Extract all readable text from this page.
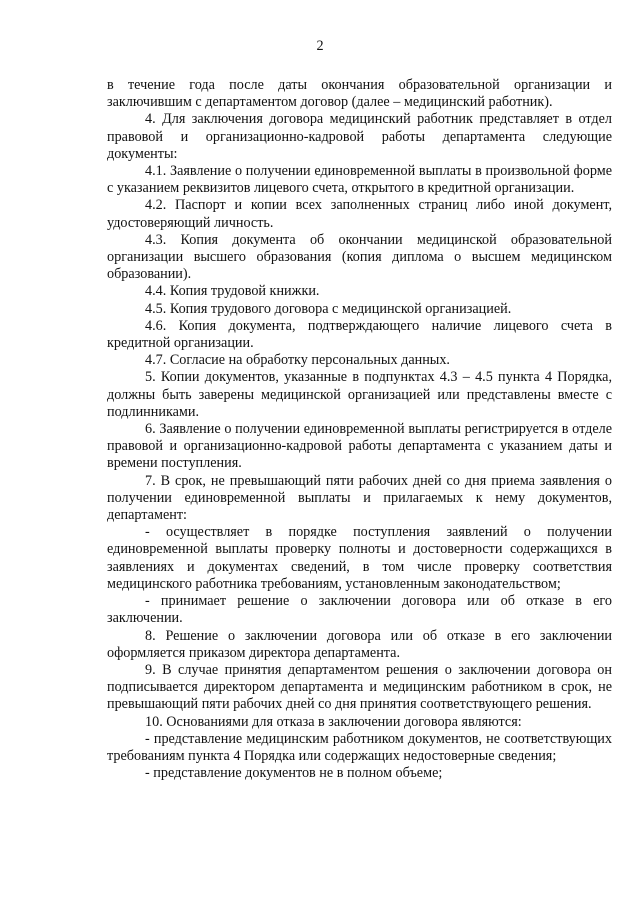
2

в течение года после даты окончания образовательной организации и заключившим с департаментом договор (далее – медицинский работник).

4. Для заключения договора медицинский работник представляет в отдел правовой и организационно-кадровой работы департамента следующие документы:

4.1. Заявление о получении единовременной выплаты в произвольной форме с указанием реквизитов лицевого счета, открытого в кредитной организации.

4.2. Паспорт и копии всех заполненных страниц либо иной документ, удостоверяющий личность.

4.3. Копия документа об окончании медицинской образовательной организации высшего образования (копия диплома о высшем медицинском образовании).

4.4. Копия трудовой книжки.

4.5. Копия трудового договора с медицинской организацией.

4.6. Копия документа, подтверждающего наличие лицевого счета в кредитной организации.

4.7. Согласие на обработку персональных данных.

5. Копии документов, указанные в подпунктах 4.3 – 4.5 пункта 4 Порядка, должны быть заверены медицинской организацией или представлены вместе с подлинниками.

6. Заявление о получении единовременной выплаты регистрируется в отделе правовой и организационно-кадровой работы департамента с указанием даты и времени поступления.

7. В срок, не превышающий пяти рабочих дней со дня приема заявления о получении единовременной выплаты и прилагаемых к нему документов, департамент:

- осуществляет в порядке поступления заявлений о получении единовременной выплаты проверку полноты и достоверности содержащихся в заявлениях и документах сведений, в том числе проверку соответствия медицинского работника требованиям, установленным законодательством;

- принимает решение о заключении договора или об отказе в его заключении.

8. Решение о заключении договора или об отказе в его заключении оформляется приказом директора департамента.

9. В случае принятия департаментом решения о заключении договора он подписывается директором департамента и медицинским работником в срок, не превышающий пяти рабочих дней со дня принятия соответствующего решения.

10. Основаниями для отказа в заключении договора являются:

- представление медицинским работником документов, не соответствующих требованиям пункта 4 Порядка или содержащих недостоверные сведения;

- представление документов не в полном объеме;
